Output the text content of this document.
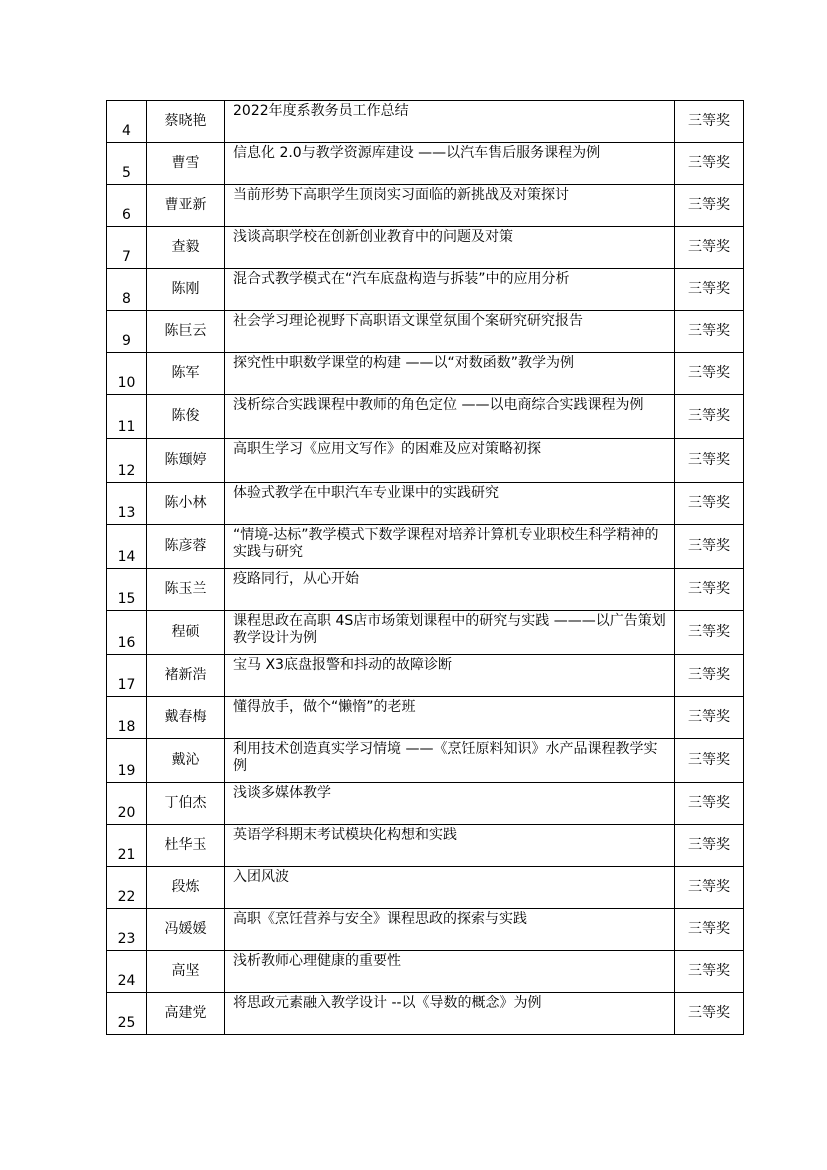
4	蔡晓艳	2022年度系教务员工作总结	三等奖
5	曹雪	信息化 2.0与教学资源库建设 ——以汽车售后服务课程为例	三等奖
6	曹亚新	当前形势下高职学生顶岗实习面临的新挑战及对策探讨	三等奖
7	查毅	浅谈高职学校在创新创业教育中的问题及对策	三等奖
8	陈刚	混合式教学模式在“汽车底盘构造与拆装”中的应用分析	三等奖
9	陈巨云	社会学习理论视野下高职语文课堂氛围个案研究研究报告	三等奖
10	陈军	探究性中职数学课堂的构建 ——以“对数函数”教学为例	三等奖
11	陈俊	浅析综合实践课程中教师的角色定位 ——以电商综合实践课程为例	三等奖
12	陈颋婷	高职生学习《应用文写作》的困难及应对策略初探	三等奖
13	陈小林	体验式教学在中职汽车专业课中的实践研究	三等奖
14	陈彦蓉	“情境-达标”教学模式下数学课程对培养计算机专业职校生科学精神的实践与研究	三等奖
15	陈玉兰	疫路同行，从心开始	三等奖
16	程硕	课程思政在高职 4S店市场策划课程中的研究与实践 ———以广告策划教学设计为例	三等奖
17	褚新浩	宝马 X3底盘报警和抖动的故障诊断	三等奖
18	戴春梅	懂得放手，做个“懒惰”的老班	三等奖
19	戴沁	利用技术创造真实学习情境 ——《烹饪原料知识》水产品课程教学实例	三等奖
20	丁伯杰	浅谈多媒体教学	三等奖
21	杜华玉	英语学科期末考试模块化构想和实践	三等奖
22	段炼	入团风波	三等奖
23	冯媛媛	高职《烹饪营养与安全》课程思政的探索与实践	三等奖
24	高坚	浅析教师心理健康的重要性	三等奖
25	高建党	将思政元素融入教学设计 --以《导数的概念》为例	三等奖
